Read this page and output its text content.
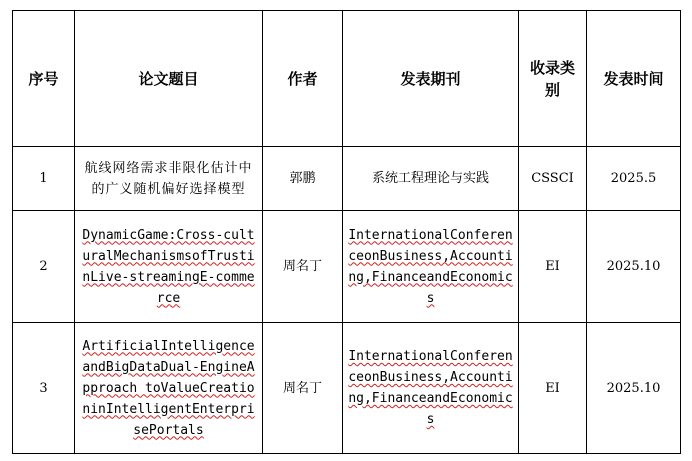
序号	论文题目	作者	发表期刊	收录类别	发表时间
1	航线网络需求非限化估计中的广义随机偏好选择模型	郭鹏	系统工程理论与实践	CSSCI	2025.5
2	DynamicGame:Cross-culturalMechanismsofTrustinLive-streamingE-commerce	周名丁	InternationalConferenceonBusiness,Accounting,FinanceandEconomics	EI	2025.10
3	ArtificialIntelligenceandBigDataDual-EngineApproach toValueCreationinIntelligentEnterprisePortals	周名丁	InternationalConferenceonBusiness,Accounting,FinanceandEconomics	EI	2025.10
